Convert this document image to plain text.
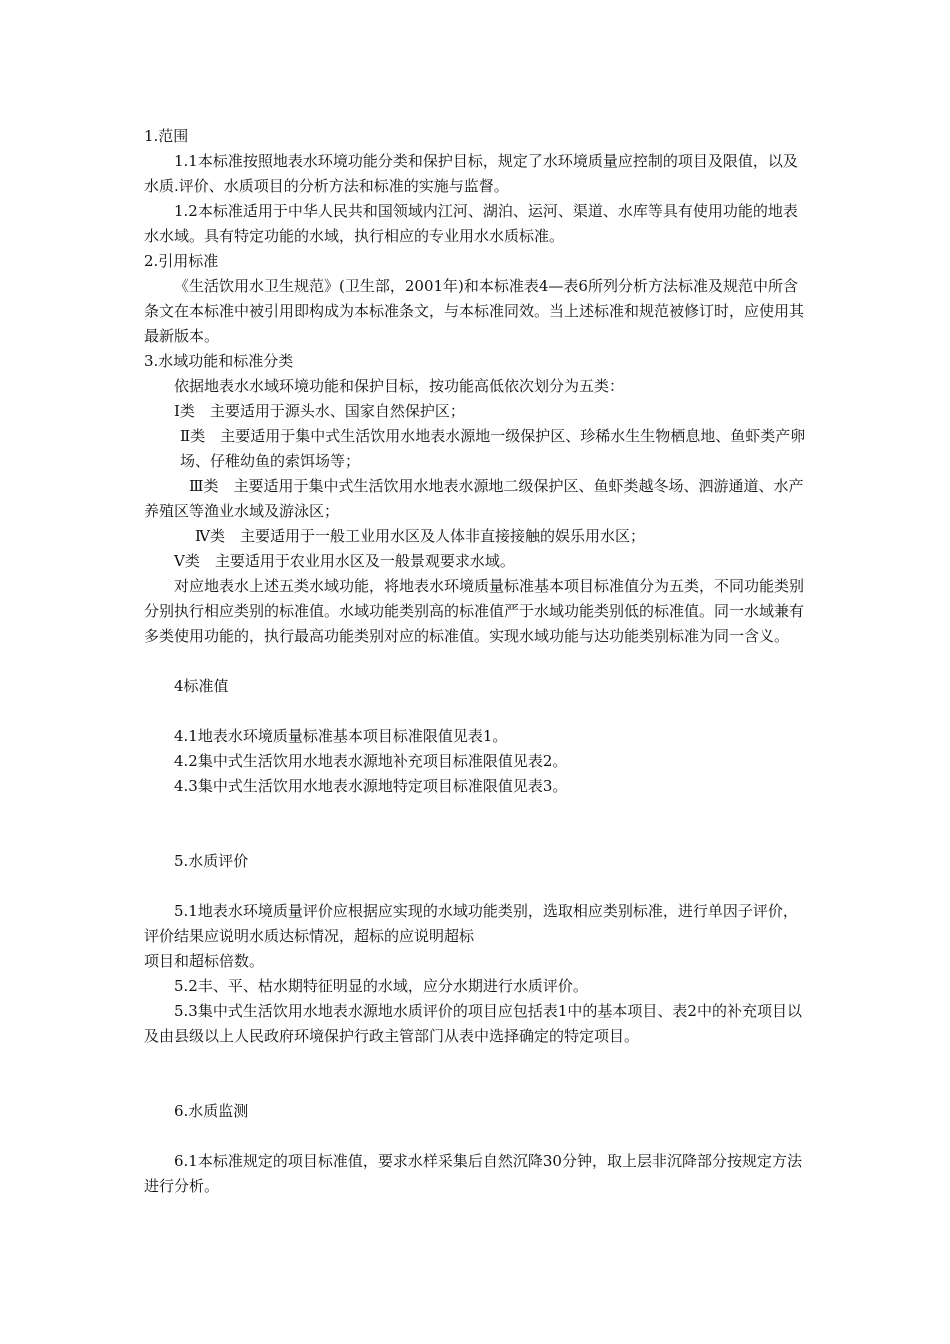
1.范围

1.1本标准按照地表水环境功能分类和保护目标，规定了水环境质量应控制的项目及限值，以及水质.评价、水质项目的分析方法和标准的实施与监督。

1.2本标准适用于中华人民共和国领域内江河、湖泊、运河、渠道、水库等具有使用功能的地表水水域。具有特定功能的水域，执行相应的专业用水水质标准。

2.引用标准

《生活饮用水卫生规范》(卫生部，2001年)和本标准表4—表6所列分析方法标准及规范中所含条文在本标准中被引用即构成为本标准条文，与本标准同效。当上述标准和规范被修订时，应使用其最新版本。

3.水域功能和标准分类

依据地表水水域环境功能和保护目标，按功能高低依次划分为五类：

Ⅰ类　主要适用于源头水、国家自然保护区；

Ⅱ类　主要适用于集中式生活饮用水地表水源地一级保护区、珍稀水生生物栖息地、鱼虾类产卵场、仔稚幼鱼的索饵场等；

Ⅲ类　主要适用于集中式生活饮用水地表水源地二级保护区、鱼虾类越冬场、泗游通道、水产养殖区等渔业水域及游泳区；

Ⅳ类　主要适用于一般工业用水区及人体非直接接触的娱乐用水区；

Ⅴ类　主要适用于农业用水区及一般景观要求水域。

对应地表水上述五类水域功能，将地表水环境质量标准基本项目标准值分为五类，不同功能类别分别执行相应类别的标准值。水域功能类别高的标准值严于水域功能类别低的标准值。同一水域兼有多类使用功能的，执行最高功能类别对应的标准值。实现水域功能与达功能类别标准为同一含义。

4标准值

4.1地表水环境质量标准基本项目标准限值见表1。

4.2集中式生活饮用水地表水源地补充项目标准限值见表2。

4.3集中式生活饮用水地表水源地特定项目标准限值见表3。

5.水质评价

5.1地表水环境质量评价应根据应实现的水域功能类别，选取相应类别标准，进行单因子评价，评价结果应说明水质达标情况，超标的应说明超标

项目和超标倍数。

5.2丰、平、枯水期特征明显的水域，应分水期进行水质评价。

5.3集中式生活饮用水地表水源地水质评价的项目应包括表1中的基本项目、表2中的补充项目以及由县级以上人民政府环境保护行政主管部门从表中选择确定的特定项目。

6.水质监测

6.1本标准规定的项目标准值，要求水样采集后自然沉降30分钟，取上层非沉降部分按规定方法进行分析。
